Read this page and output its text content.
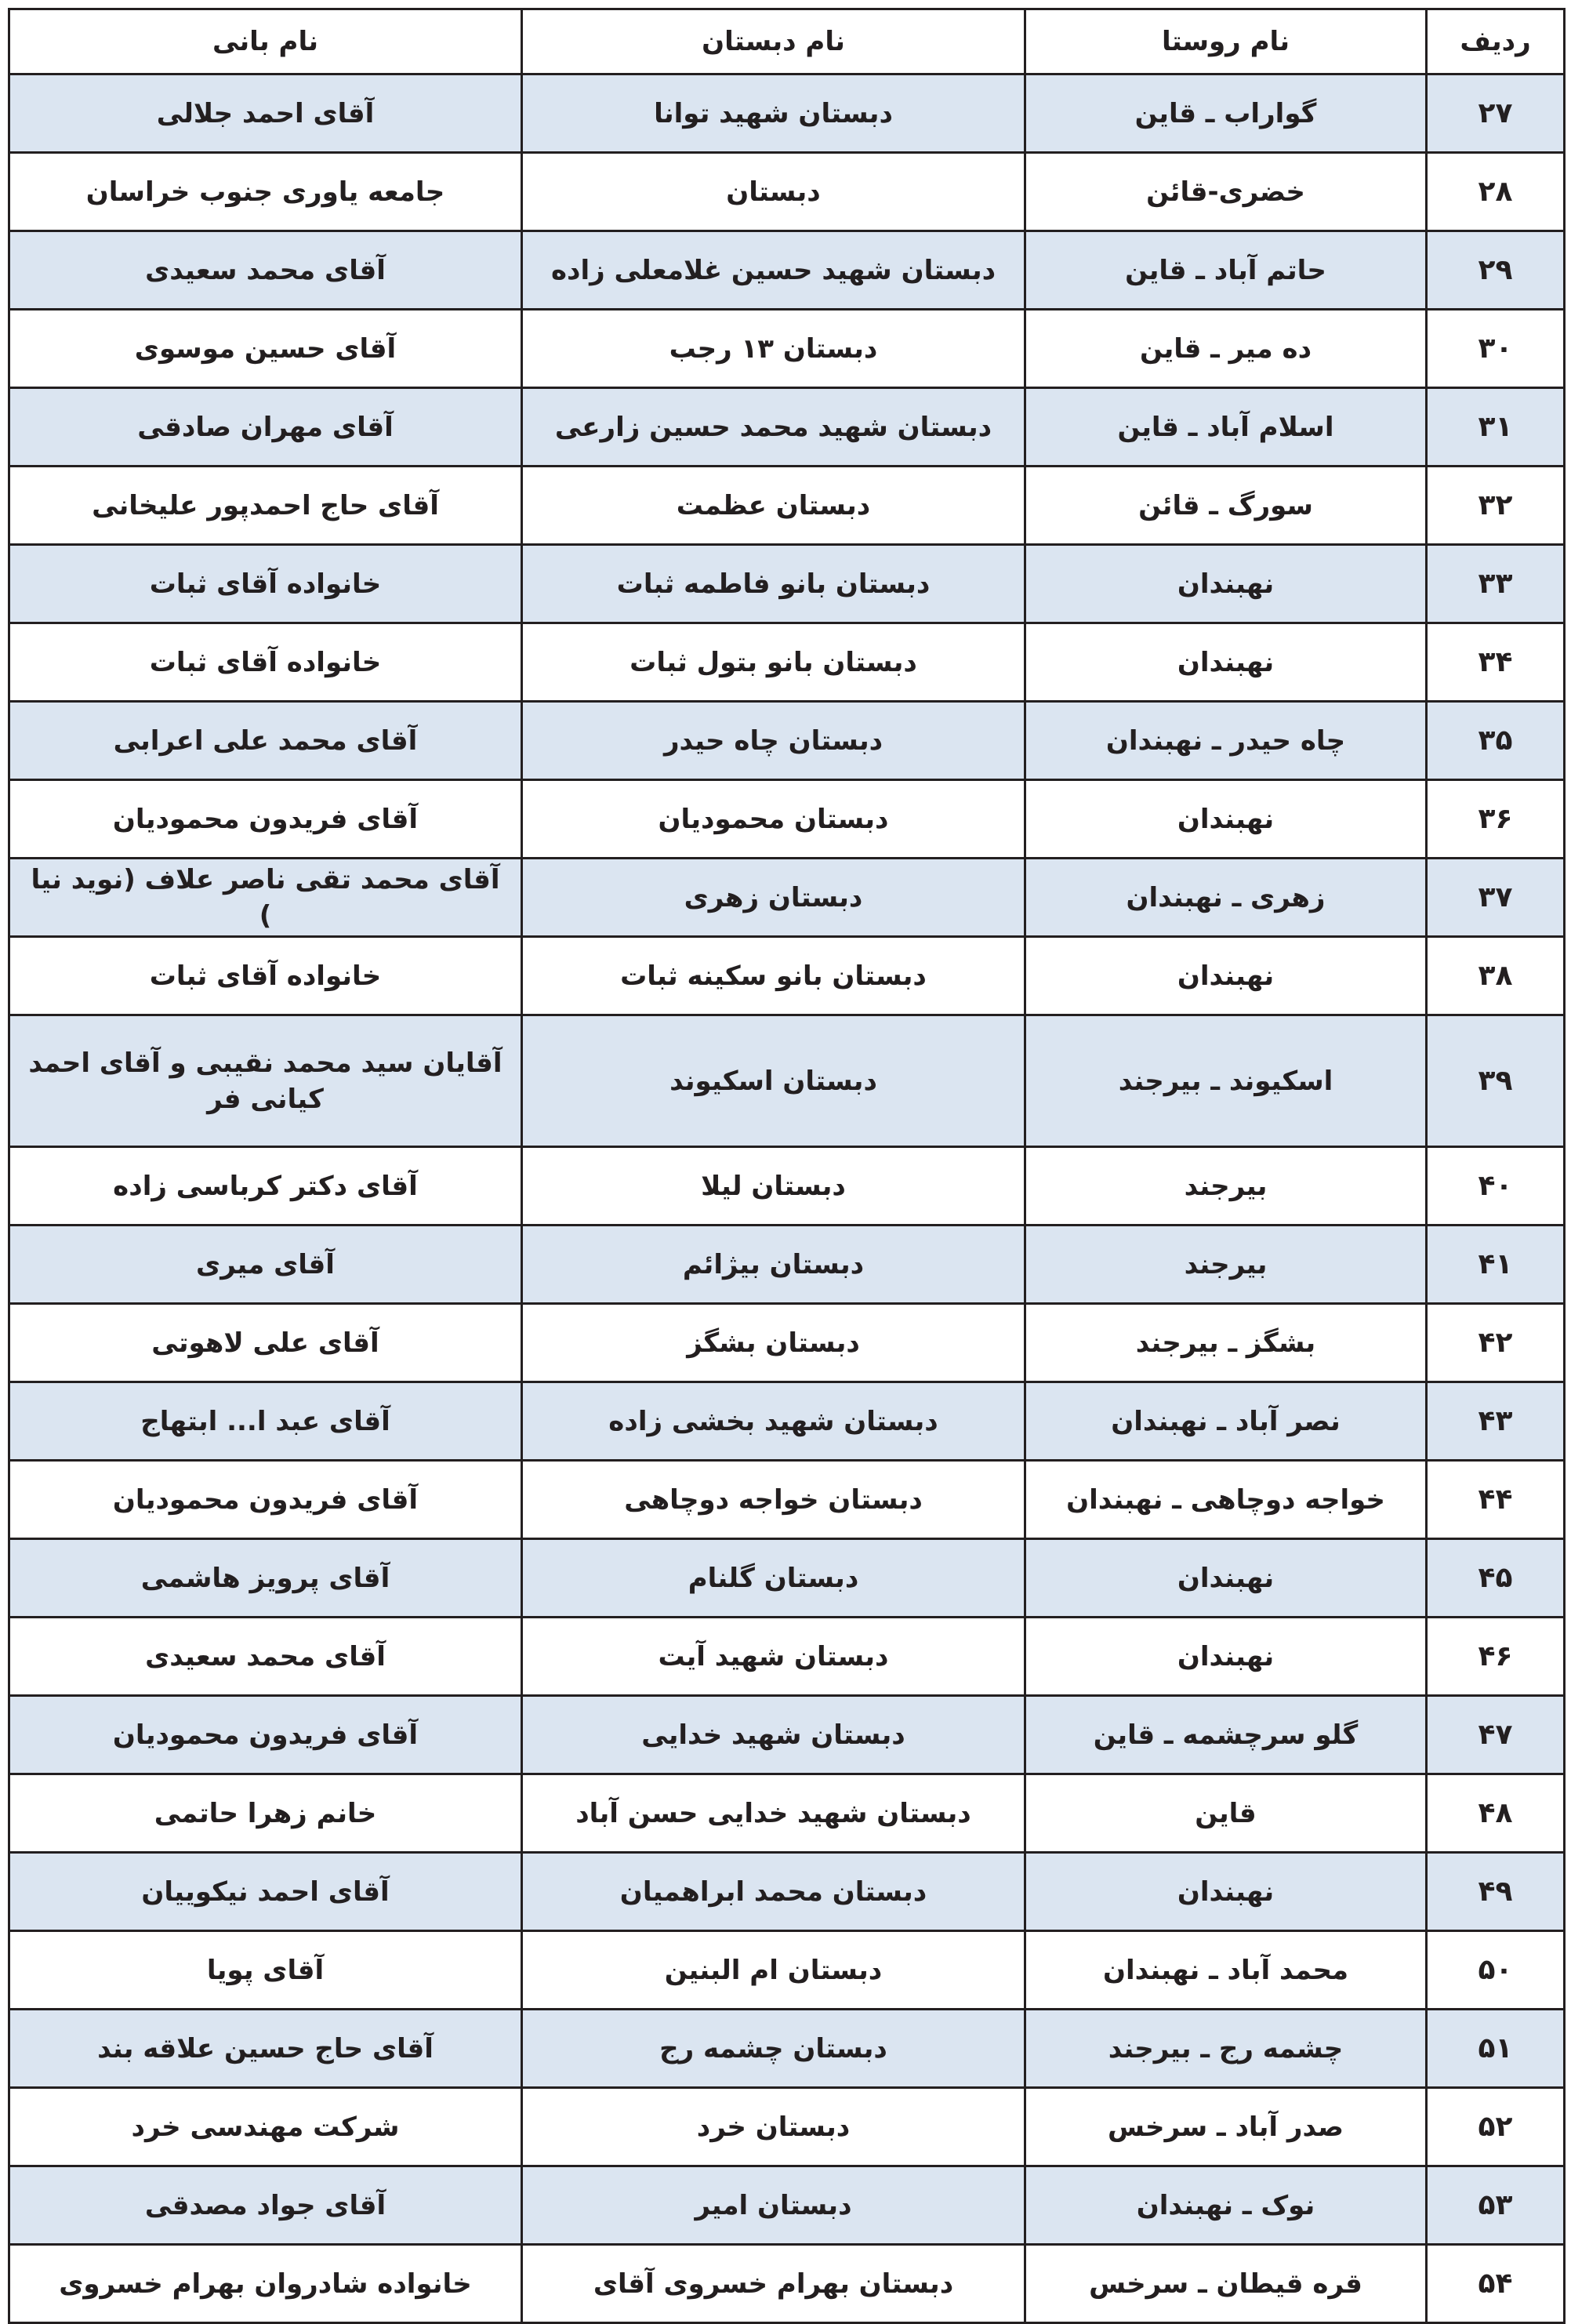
ردیف	نام روستا	نام دبستان	نام بانی
۲۷	گواراب ـ قاین	دبستان شهید توانا	آقای احمد جلالی
۲۸	خضری-قائن	دبستان	جامعه یاوری جنوب خراسان
۲۹	حاتم آباد ـ قاین	دبستان شهید حسین غلامعلی زاده	آقای محمد سعیدی
۳۰	ده میر ـ قاین	دبستان ۱۳ رجب	آقای حسین موسوی
۳۱	اسلام آباد ـ قاین	دبستان شهید محمد حسین زارعی	آقای مهران صادقی
۳۲	سورگ ـ قائن	دبستان عظمت	آقای حاج احمدپور علیخانی
۳۳	نهبندان	دبستان بانو فاطمه ثبات	خانواده آقای ثبات
۳۴	نهبندان	دبستان بانو بتول ثبات	خانواده آقای ثبات
۳۵	چاه حیدر ـ نهبندان	دبستان چاه حیدر	آقای محمد علی اعرابی
۳۶	نهبندان	دبستان محمودیان	آقای فریدون محمودیان
۳۷	زهری ـ نهبندان	دبستان زهری	آقای محمد تقی ناصر علاف (نوید نیا )
۳۸	نهبندان	دبستان بانو سکینه ثبات	خانواده آقای ثبات
۳۹	اسکیوند ـ بیرجند	دبستان اسکیوند	آقایان سید محمد نقیبی و آقای احمد کیانی فر
۴۰	بیرجند	دبستان لیلا	آقای دکتر کرباسی زاده
۴۱	بیرجند	دبستان بیژائم	آقای میری
۴۲	بشگز ـ بیرجند	دبستان بشگز	آقای علی لاهوتی
۴۳	نصر آباد ـ نهبندان	دبستان شهید بخشی زاده	آقای عبد ا... ابتهاج
۴۴	خواجه دوچاهی ـ نهبندان	دبستان خواجه دوچاهی	آقای فریدون محمودیان
۴۵	نهبندان	دبستان گلنام	آقای پرویز هاشمی
۴۶	نهبندان	دبستان شهید آیت	آقای محمد سعیدی
۴۷	گلو سرچشمه ـ قاین	دبستان شهید خدایی	آقای فریدون محمودیان
۴۸	قاین	دبستان شهید خدایی حسن آباد	خانم زهرا حاتمی
۴۹	نهبندان	دبستان محمد ابراهمیان	آقای احمد نیکوییان
۵۰	محمد آباد ـ نهبندان	دبستان ام البنین	آقای پویا
۵۱	چشمه رج ـ بیرجند	دبستان چشمه رج	آقای حاج حسین علاقه بند
۵۲	صدر آباد ـ سرخس	دبستان خرد	شرکت مهندسی خرد
۵۳	نوک ـ نهبندان	دبستان امیر	آقای جواد مصدقی
۵۴	قره قیطان ـ سرخس	دبستان بهرام خسروی آقای	خانواده شادروان بهرام خسروی
